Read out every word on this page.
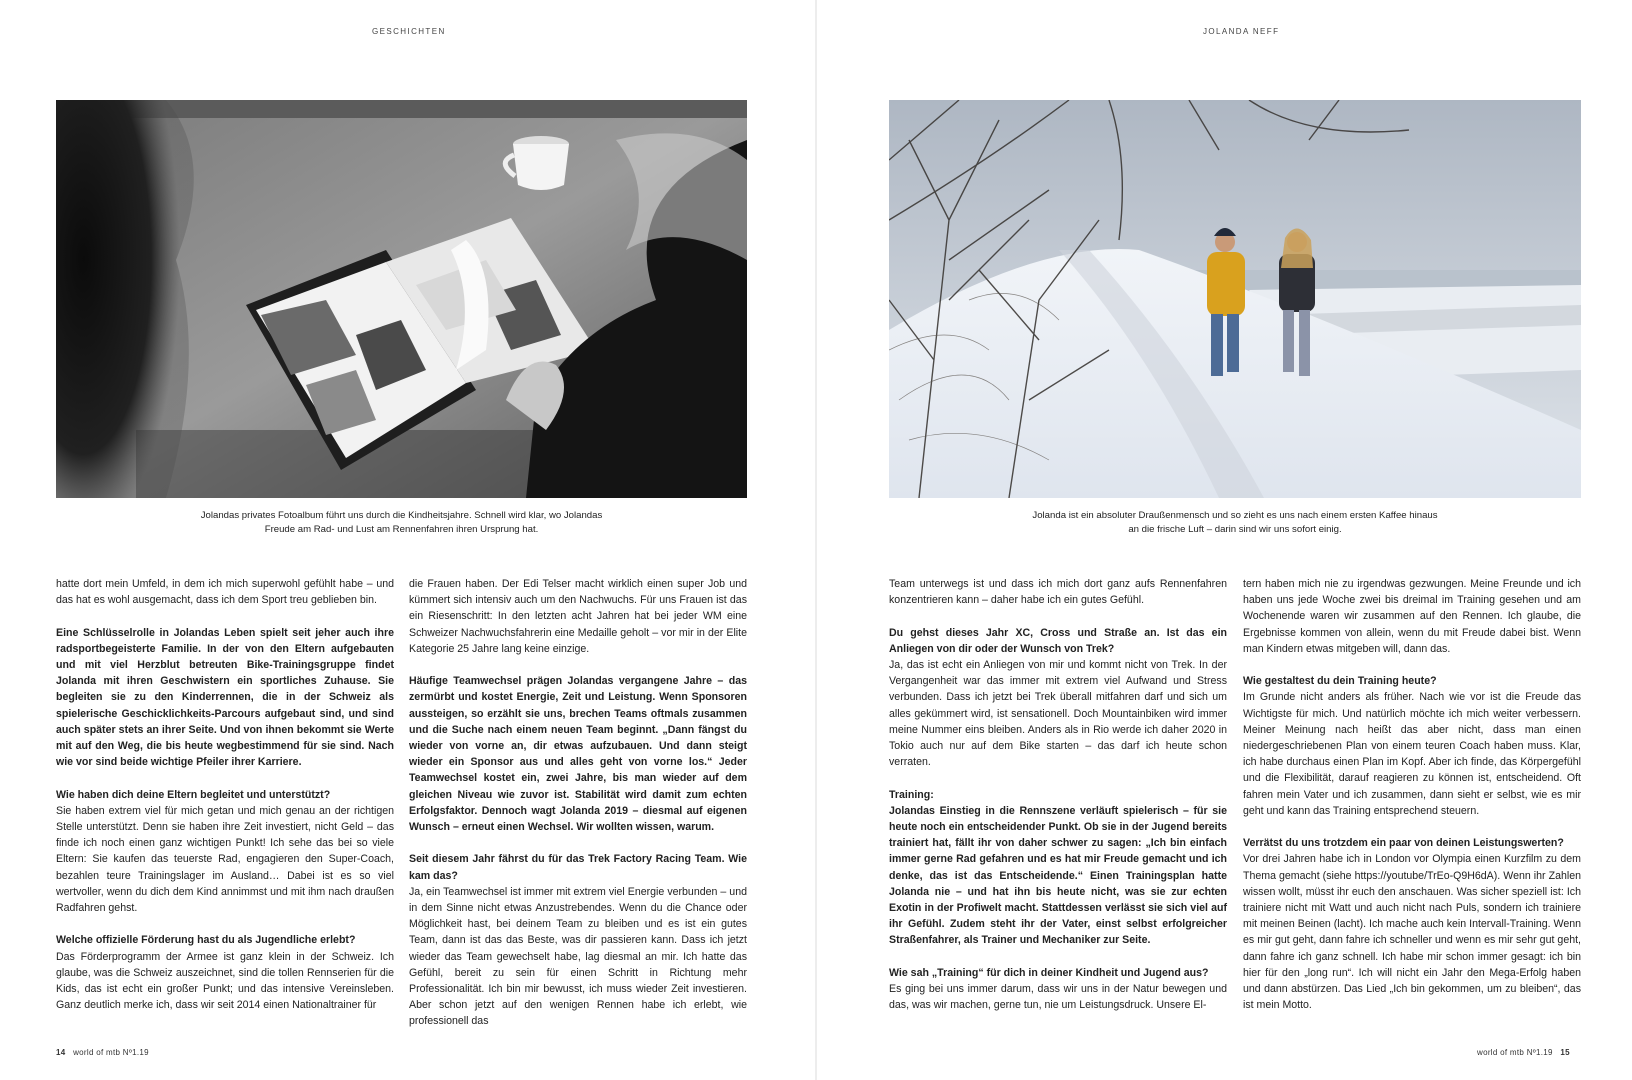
GESCHICHTEN
Jolandas privates Fotoalbum führt uns durch die Kindheitsjahre. Schnell wird klar, wo Jolandas
Freude am Rad- und Lust am Rennenfahren ihren Ursprung hat.

hatte dort mein Umfeld, in dem ich mich superwohl gefühlt habe – und das hat es wohl ausgemacht, dass ich dem Sport treu geblieben bin.

Eine Schlüsselrolle in Jolandas Leben spielt seit jeher auch ihre radsportbegeisterte Familie. In der von den Eltern aufgebauten und mit viel Herzblut betreuten Bike-Trainingsgruppe findet Jolanda mit ihren Geschwistern ein sportliches Zuhause. Sie begleiten sie zu den Kinderrennen, die in der Schweiz als spielerische Geschicklichkeits-Parcours aufgebaut sind, und sind auch später stets an ihrer Seite. Und von ihnen bekommt sie Werte mit auf den Weg, die bis heute wegbestimmend für sie sind. Nach wie vor sind beide wichtige Pfeiler ihrer Karriere.

Wie haben dich deine Eltern begleitet und unterstützt?

Sie haben extrem viel für mich getan und mich genau an der richtigen Stelle unterstützt. Denn sie haben ihre Zeit investiert, nicht Geld – das finde ich noch einen ganz wichtigen Punkt! Ich sehe das bei so viele Eltern: Sie kaufen das teuerste Rad, engagieren den Super-Coach, bezahlen teure Trainingslager im Ausland… Dabei ist es so viel wertvoller, wenn du dich dem Kind annimmst und mit ihm nach draußen Radfahren gehst.

Welche offizielle Förderung hast du als Jugendliche erlebt?

Das Förderprogramm der Armee ist ganz klein in der Schweiz. Ich glaube, was die Schweiz auszeichnet, sind die tollen Rennserien für die Kids, das ist echt ein großer Punkt; und das intensive Vereinsleben. Ganz deutlich merke ich, dass wir seit 2014 einen Nationaltrainer für

die Frauen haben. Der Edi Telser macht wirklich einen super Job und kümmert sich intensiv auch um den Nachwuchs. Für uns Frauen ist das ein Riesenschritt: In den letzten acht Jahren hat bei jeder WM eine Schweizer Nachwuchsfahrerin eine Medaille geholt – vor mir in der Elite Kategorie 25 Jahre lang keine einzige.

Häufige Teamwechsel prägen Jolandas vergangene Jahre – das zermürbt und kostet Energie, Zeit und Leistung. Wenn Sponsoren aussteigen, so erzählt sie uns, brechen Teams oftmals zusammen und die Suche nach einem neuen Team beginnt. „Dann fängst du wieder von vorne an, dir etwas aufzubauen. Und dann steigt wieder ein Sponsor aus und alles geht von vorne los.“ Jeder Teamwechsel kostet ein, zwei Jahre, bis man wieder auf dem gleichen Niveau wie zuvor ist. Stabilität wird damit zum echten Erfolgsfaktor. Dennoch wagt Jolanda 2019 – diesmal auf eigenen Wunsch – erneut einen Wechsel. Wir wollten wissen, warum.

Seit diesem Jahr fährst du für das Trek Factory Racing Team. Wie kam das?

Ja, ein Teamwechsel ist immer mit extrem viel Energie verbunden – und in dem Sinne nicht etwas Anzustrebendes. Wenn du die Chance oder Möglichkeit hast, bei deinem Team zu bleiben und es ist ein gutes Team, dann ist das das Beste, was dir passieren kann. Dass ich jetzt wieder das Team gewechselt habe, lag diesmal an mir. Ich hatte das Gefühl, bereit zu sein für einen Schritt in Richtung mehr Professionalität. Ich bin mir bewusst, ich muss wieder Zeit investieren. Aber schon jetzt auf den wenigen Rennen habe ich erlebt, wie professionell das

14 world of mtb Nº1.19
JOLANDA NEFF
Jolanda ist ein absoluter Draußenmensch und so zieht es uns nach einem ersten Kaffee hinaus
an die frische Luft – darin sind wir uns sofort einig.

Team unterwegs ist und dass ich mich dort ganz aufs Rennenfahren konzentrieren kann – daher habe ich ein gutes Gefühl.

Du gehst dieses Jahr XC, Cross und Straße an. Ist das ein Anliegen von dir oder der Wunsch von Trek?

Ja, das ist echt ein Anliegen von mir und kommt nicht von Trek. In der Vergangenheit war das immer mit extrem viel Aufwand und Stress verbunden. Dass ich jetzt bei Trek überall mitfahren darf und sich um alles gekümmert wird, ist sensationell. Doch Mountainbiken wird immer meine Nummer eins bleiben. Anders als in Rio werde ich daher 2020 in Tokio auch nur auf dem Bike starten – das darf ich heute schon verraten.

Training:

Jolandas Einstieg in die Rennszene verläuft spielerisch – für sie heute noch ein entscheidender Punkt. Ob sie in der Jugend bereits trainiert hat, fällt ihr von daher schwer zu sagen: „Ich bin einfach immer gerne Rad gefahren und es hat mir Freude gemacht und ich denke, das ist das Entscheidende.“ Einen Trainingsplan hatte Jolanda nie – und hat ihn bis heute nicht, was sie zur echten Exotin in der Profiwelt macht. Stattdessen verlässt sie sich viel auf ihr Gefühl. Zudem steht ihr der Vater, einst selbst erfolgreicher Straßenfahrer, als Trainer und Mechaniker zur Seite.

Wie sah „Training“ für dich in deiner Kindheit und Jugend aus?

Es ging bei uns immer darum, dass wir uns in der Natur bewegen und das, was wir machen, gerne tun, nie um Leistungsdruck. Unsere El-

tern haben mich nie zu irgendwas gezwungen. Meine Freunde und ich haben uns jede Woche zwei bis dreimal im Training gesehen und am Wochenende waren wir zusammen auf den Rennen. Ich glaube, die Ergebnisse kommen von allein, wenn du mit Freude dabei bist. Wenn man Kindern etwas mitgeben will, dann das.

Wie gestaltest du dein Training heute?

Im Grunde nicht anders als früher. Nach wie vor ist die Freude das Wichtigste für mich. Und natürlich möchte ich mich weiter verbessern. Meiner Meinung nach heißt das aber nicht, dass man einen niedergeschriebenen Plan von einem teuren Coach haben muss. Klar, ich habe durchaus einen Plan im Kopf. Aber ich finde, das Körpergefühl und die Flexibilität, darauf reagieren zu können ist, entscheidend. Oft fahren mein Vater und ich zusammen, dann sieht er selbst, wie es mir geht und kann das Training entsprechend steuern.

Verrätst du uns trotzdem ein paar von deinen Leistungswerten?

Vor drei Jahren habe ich in London vor Olympia einen Kurzfilm zu dem Thema gemacht (siehe https://youtube/TrEo-Q9H6dA). Wenn ihr Zahlen wissen wollt, müsst ihr euch den anschauen. Was sicher speziell ist: Ich trainiere nicht mit Watt und auch nicht nach Puls, sondern ich trainiere mit meinen Beinen (lacht). Ich mache auch kein Intervall-Training. Wenn es mir gut geht, dann fahre ich schneller und wenn es mir sehr gut geht, dann fahre ich ganz schnell. Ich habe mir schon immer gesagt: ich bin hier für den „long run“. Ich will nicht ein Jahr den Mega-Erfolg haben und dann abstürzen. Das Lied „Ich bin gekommen, um zu bleiben“, das ist mein Motto.

world of mtb Nº1.19 15
